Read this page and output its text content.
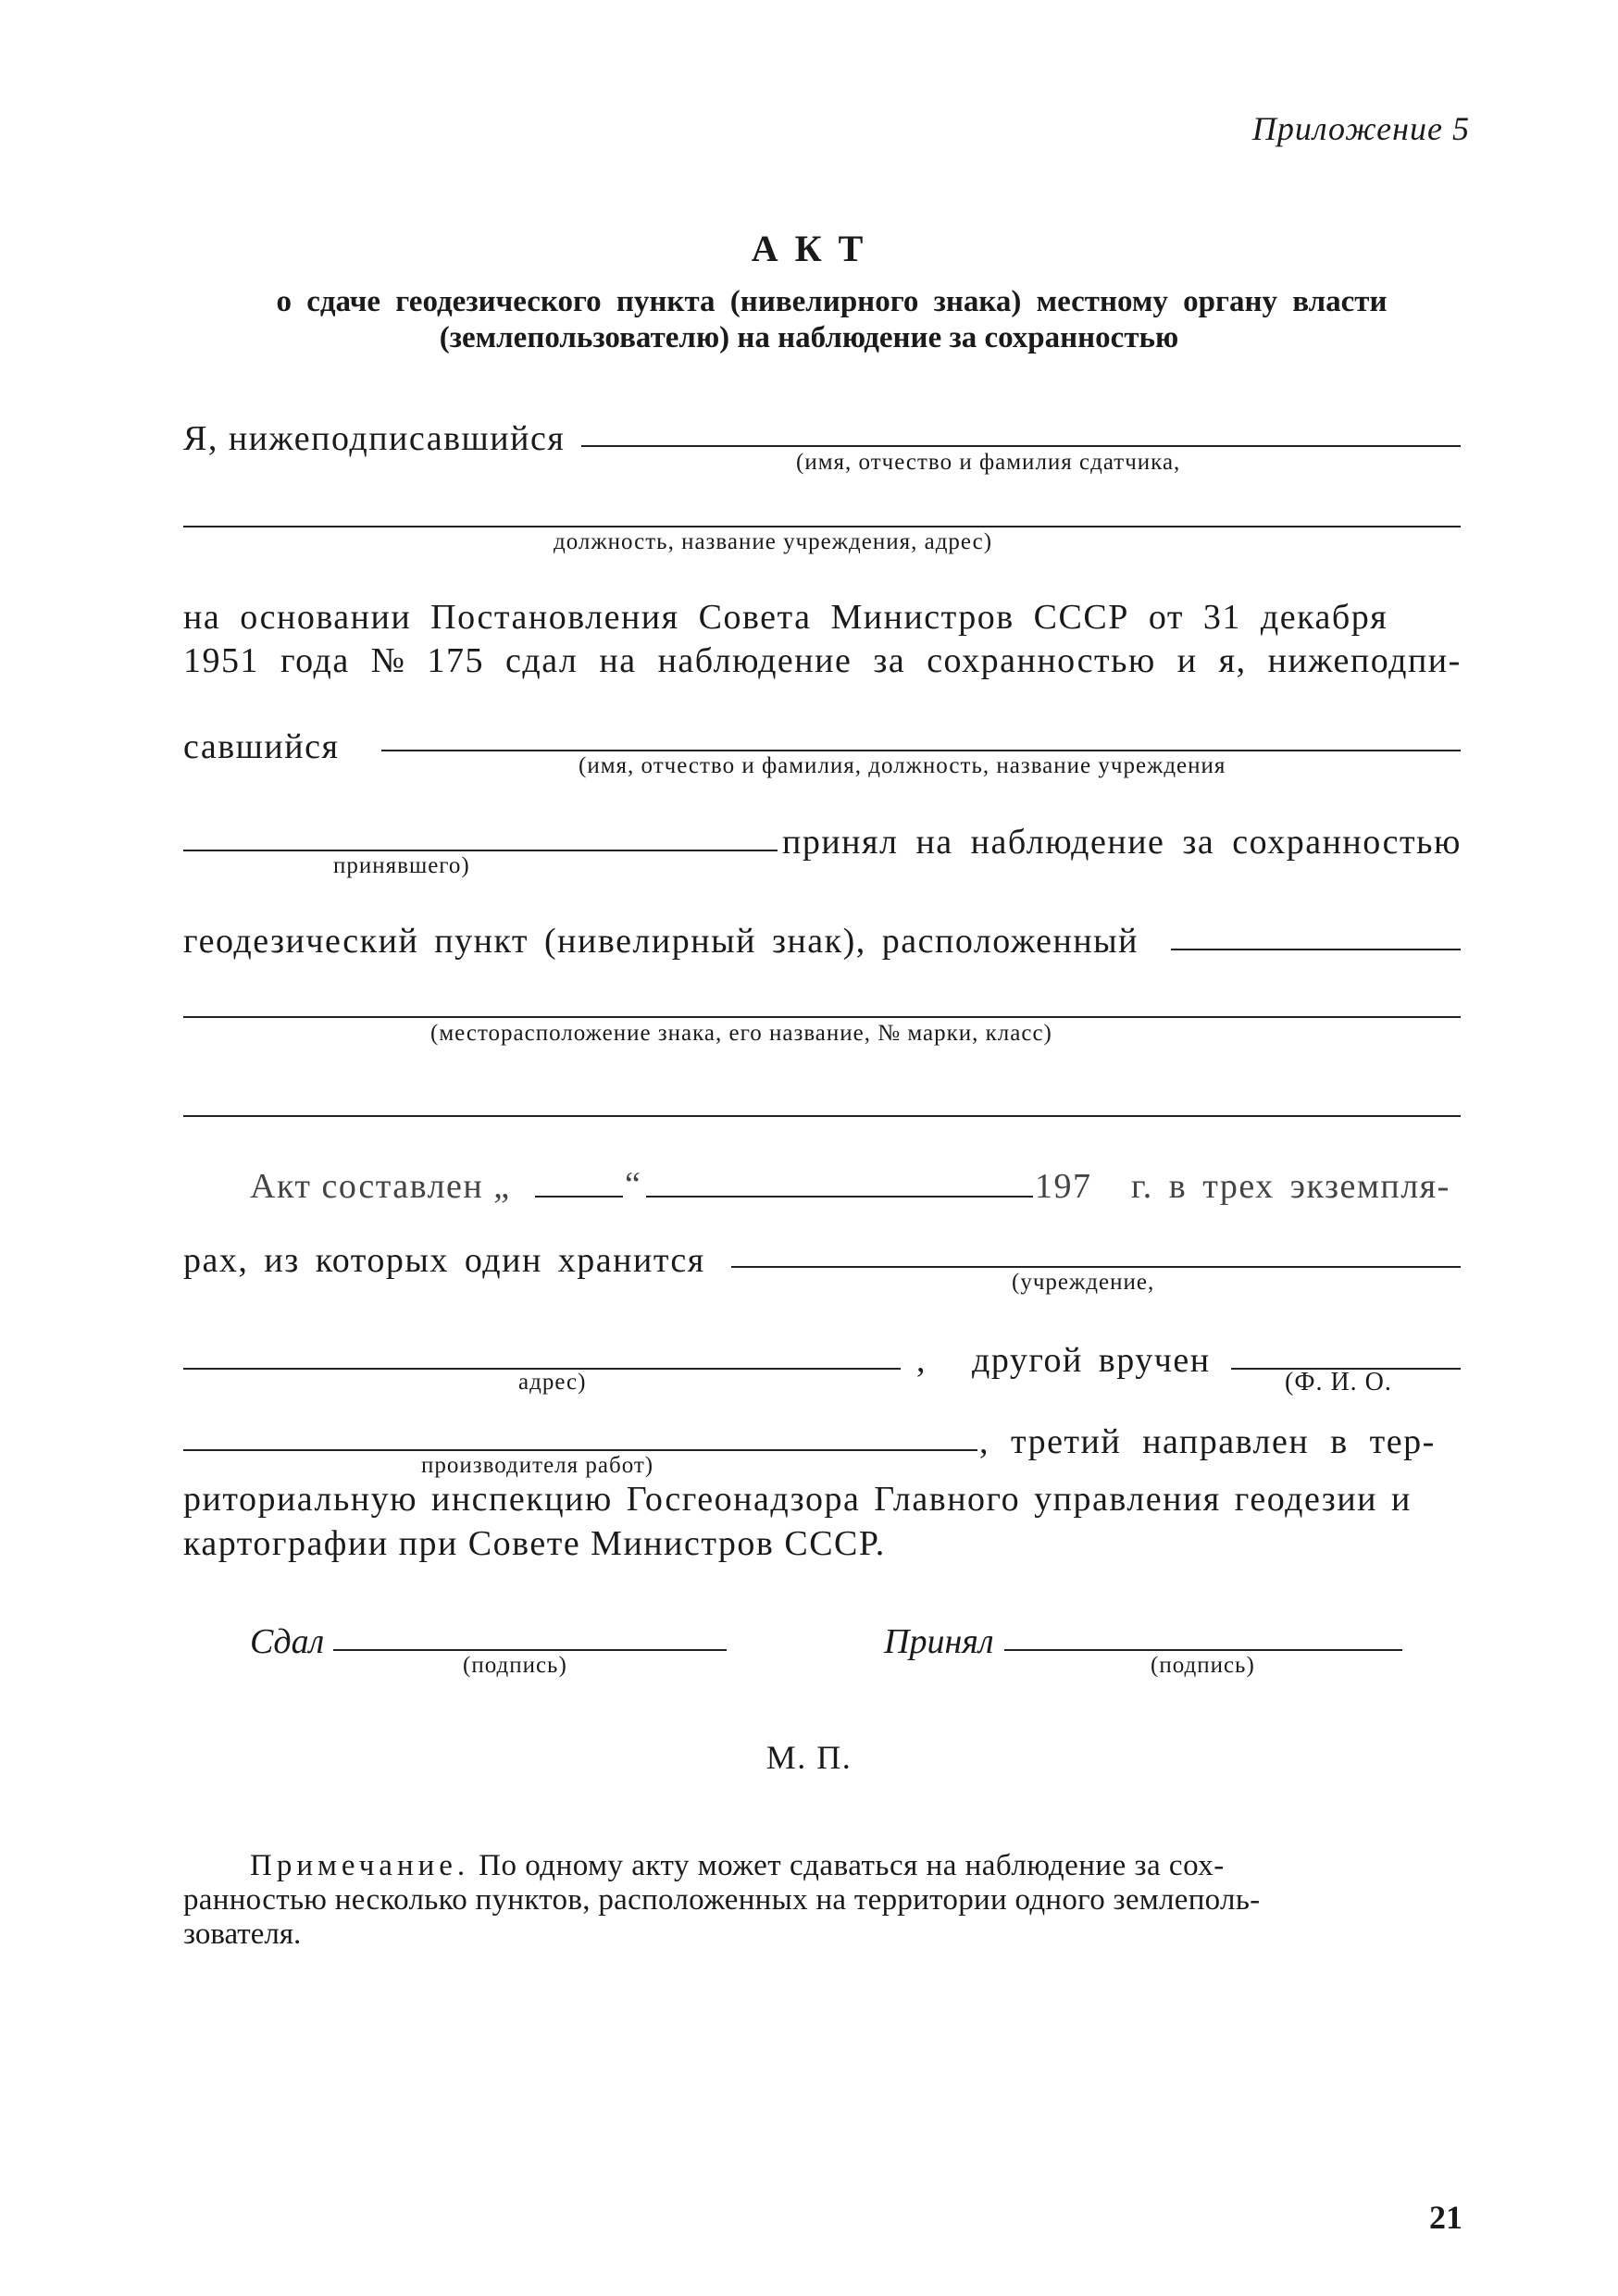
Приложение 5
А К Т
о сдаче геодезического пункта (нивелирного знака) местному органу власти
(землепользователю) на наблюдение за сохранностью
Я, нижеподписавшийся
(имя, отчество и фамилия сдатчика,
должность, название учреждения, адрес)
на основании Постановления Совета Министров СССР от 31 декабря
1951 года № 175 сдал на наблюдение за сохранностью и я, нижеподпи-
савшийся	(имя, отчество и фамилия, должность, название учреждения
принявшего)
принял на наблюдение за сохранностью
геодезический пункт (нивелирный знак), расположенный
(месторасположение знака, его название, № марки, класс)
Акт составлен „	“	197 г. в трех экземпля-
рах, из которых один хранится
(учреждение,
адрес)
, другой вручен
(Ф. И. О.
производителя работ)
, третий направлен в тер-
риториальную инспекцию Госгеонадзора Главного управления геодезии и
картографии при Совете Министров СССР.
Сдал
(подпись)
Принял
(подпись)
М. П.
Примечание. По одному акту может сдаваться на наблюдение за сох-
ранностью несколько пунктов, расположенных на территории одного землеполь-
зователя.
21
